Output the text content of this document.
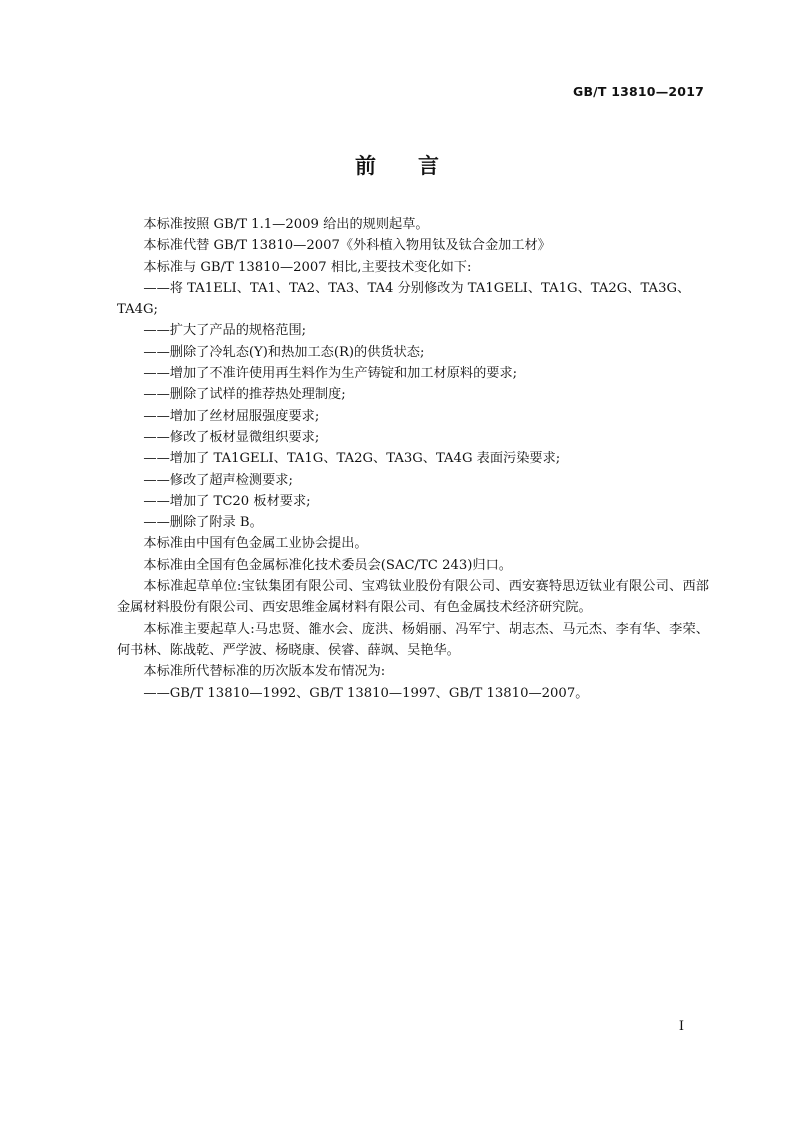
GB/T 13810—2017
前言

本标准按照 GB/T 1.1—2009 给出的规则起草。

本标准代替 GB/T 13810—2007《外科植入物用钛及钛合金加工材》

本标准与 GB/T 13810—2007 相比,主要技术变化如下:

——将 TA1ELI、TA1、TA2、TA3、TA4 分别修改为 TA1GELI、TA1G、TA2G、TA3G、TA4G;

——扩大了产品的规格范围;

——删除了冷轧态(Y)和热加工态(R)的供货状态;

——增加了不准许使用再生料作为生产铸锭和加工材原料的要求;

——删除了试样的推荐热处理制度;

——增加了丝材屈服强度要求;

——修改了板材显微组织要求;

——增加了 TA1GELI、TA1G、TA2G、TA3G、TA4G 表面污染要求;

——修改了超声检测要求;

——增加了 TC20 板材要求;

——删除了附录 B。

本标准由中国有色金属工业协会提出。

本标准由全国有色金属标准化技术委员会(SAC/TC 243)归口。

本标准起草单位:宝钛集团有限公司、宝鸡钛业股份有限公司、西安赛特思迈钛业有限公司、西部金属材料股份有限公司、西安思维金属材料有限公司、有色金属技术经济研究院。

本标准主要起草人:马忠贤、雒水会、庞洪、杨娟丽、冯军宁、胡志杰、马元杰、李有华、李荣、何书林、陈战乾、严学波、杨晓康、侯睿、薛飒、吴艳华。

本标准所代替标准的历次版本发布情况为:

——GB/T 13810—1992、GB/T 13810—1997、GB/T 13810—2007。

I
